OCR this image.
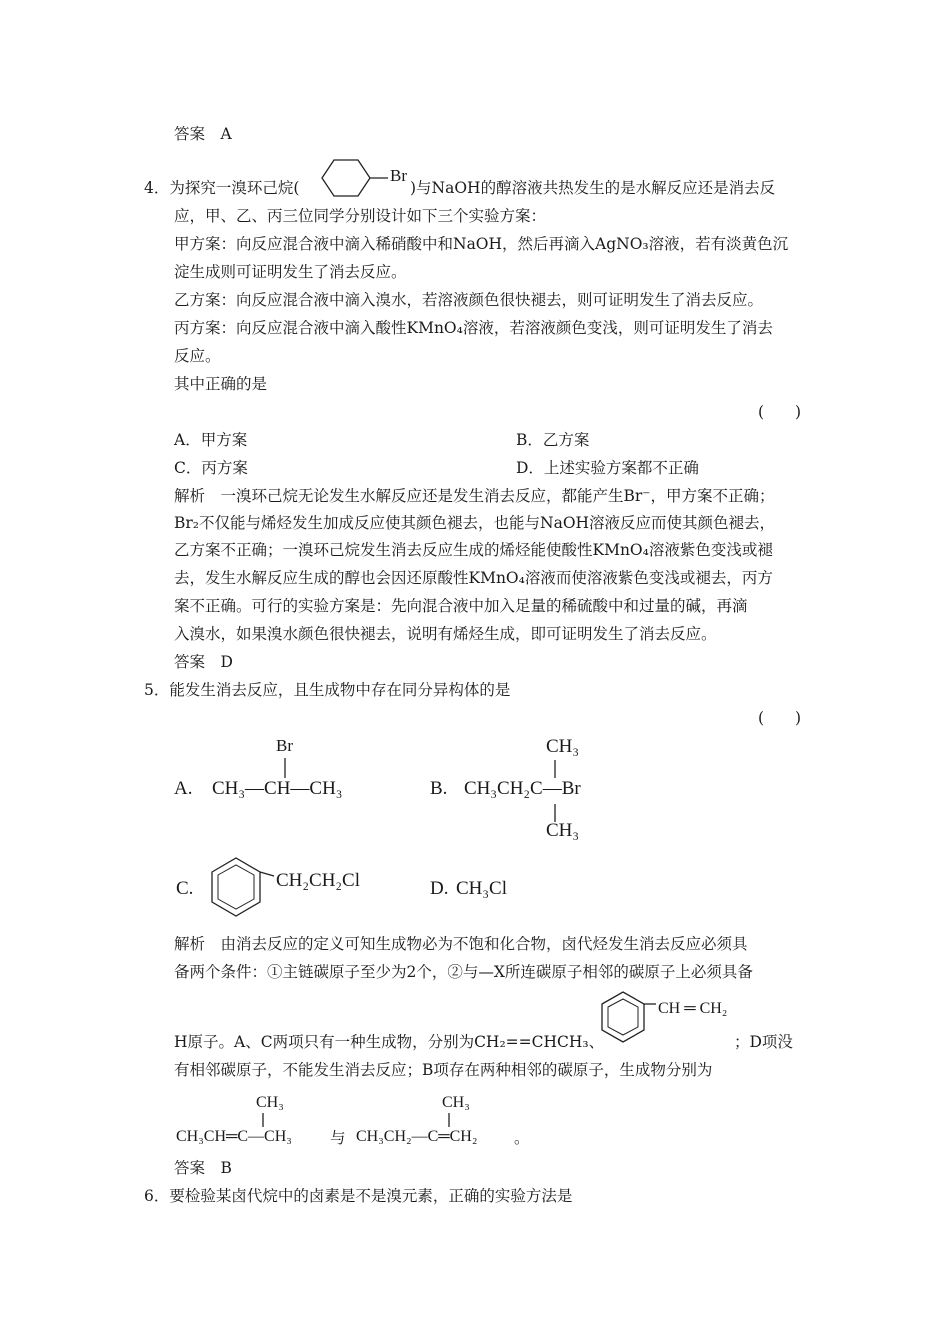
答案　A
4．为探究一溴环己烷(
Br
)与NaOH的醇溶液共热发生的是水解反应还是消去反
应，甲、乙、丙三位同学分别设计如下三个实验方案：
甲方案：向反应混合液中滴入稀硝酸中和NaOH，然后再滴入AgNO₃溶液，若有淡黄色沉
淀生成则可证明发生了消去反应。
乙方案：向反应混合液中滴入溴水，若溶液颜色很快褪去，则可证明发生了消去反应。
丙方案：向反应混合液中滴入酸性KMnO₄溶液，若溶液颜色变浅，则可证明发生了消去
反应。
其中正确的是
(　　)
A．甲方案	B．乙方案
C．丙方案	D．上述实验方案都不正确
解析　一溴环己烷无论发生水解反应还是发生消去反应，都能产生Br⁻，甲方案不正确；
Br₂不仅能与烯烃发生加成反应使其颜色褪去，也能与NaOH溶液反应而使其颜色褪去，
乙方案不正确；一溴环己烷发生消去反应生成的烯烃能使酸性KMnO₄溶液紫色变浅或褪
去，发生水解反应生成的醇也会因还原酸性KMnO₄溶液而使溶液紫色变浅或褪去，丙方
案不正确。可行的实验方案是：先向混合液中加入足量的稀硫酸中和过量的碱，再滴
入溴水，如果溴水颜色很快褪去，说明有烯烃生成，即可证明发生了消去反应。
答案　D
5．能发生消去反应，且生成物中存在同分异构体的是
(　　)
A.
Br
CH₃—CH—CH₃	B.
CH₃
CH₃CH₂C—Br
CH₃
C.	CH₂CH₂Cl	D. CH₃Cl
解析　由消去反应的定义可知生成物必为不饱和化合物，卤代烃发生消去反应必须具
备两个条件：①主链碳原子至少为2个，②与—X所连碳原子相邻的碳原子上必须具备
CH ═ CH₂
H原子。A、C两项只有一种生成物，分别为CH₂==CHCH₃、	；D项没
有相邻碳原子，不能发生消去反应；B项存在两种相邻的碳原子，生成物分别为
CH₃
CH₃CH═C—CH₃ 与
CH₃
CH₃CH₂—C═CH₂ 。
答案　B
6．要检验某卤代烷中的卤素是不是溴元素，正确的实验方法是
